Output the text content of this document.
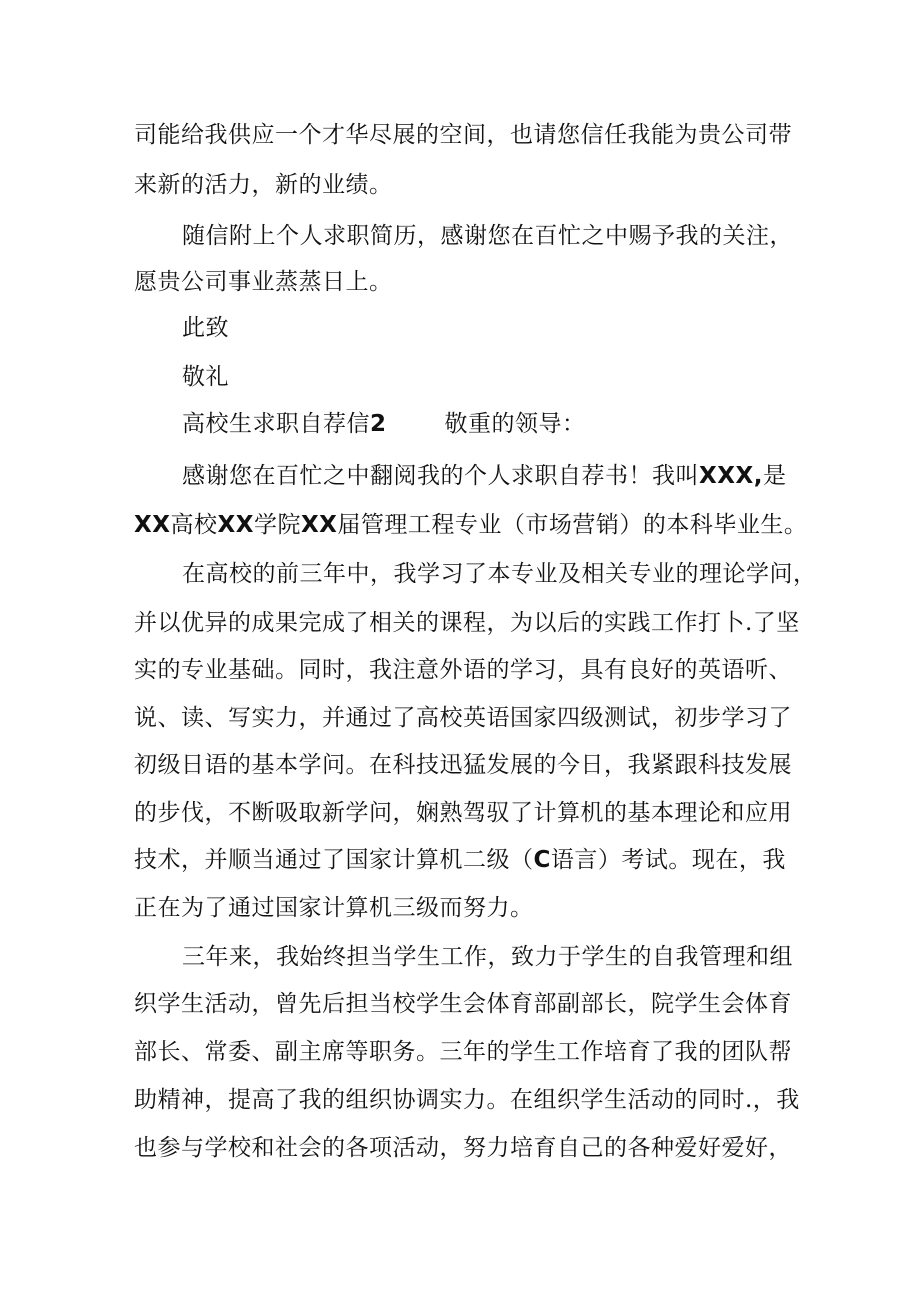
司能给我供应一个才华尽展的空间，也请您信任我能为贵公司带
来新的活力，新的业绩。
随信附上个人求职简历，感谢您在百忙之中赐予我的关注，
愿贵公司事业蒸蒸日上。
此致
敬礼
高校生求职自荐信2	敬重的领导：
感谢您在百忙之中翻阅我的个人求职自荐书！我叫XXX,是
XX高校XX学院XX届管理工程专业（市场营销）的本科毕业生。
在高校的前三年中，我学习了本专业及相关专业的理论学问，
并以优异的成果完成了相关的课程，为以后的实践工作打卜.了坚
实的专业基础。同时，我注意外语的学习，具有良好的英语听、
说、读、写实力，并通过了高校英语国家四级测试，初步学习了
初级日语的基本学问。在科技迅猛发展的今日，我紧跟科技发展
的步伐，不断吸取新学问，娴熟驾驭了计算机的基本理论和应用
技术，并顺当通过了国家计算机二级（C语言）考试。现在，我
正在为了通过国家计算机三级而努力。
三年来，我始终担当学生工作，致力于学生的自我管理和组
织学生活动，曾先后担当校学生会体育部副部长，院学生会体育
部长、常委、副主席等职务。三年的学生工作培育了我的团队帮
助精神，提高了我的组织协调实力。在组织学生活动的同时.，我
也参与学校和社会的各项活动，努力培育自己的各种爱好爱好，
